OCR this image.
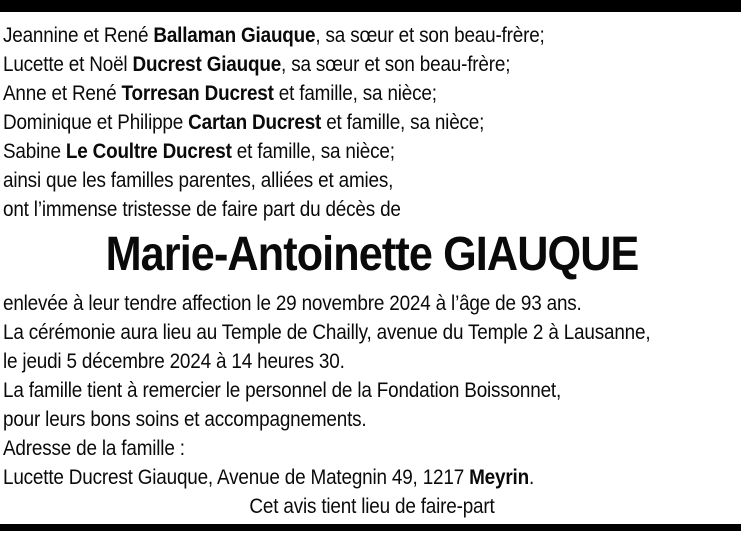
Jeannine et René Ballaman Giauque, sa sœur et son beau-frère;

Lucette et Noël Ducrest Giauque, sa sœur et son beau-frère;

Anne et René Torresan Ducrest et famille, sa nièce;

Dominique et Philippe Cartan Ducrest et famille, sa nièce;

Sabine Le Coultre Ducrest et famille, sa nièce;

ainsi que les familles parentes, alliées et amies,

ont l’immense tristesse de faire part du décès de

Marie-Antoinette GIAUQUE

enlevée à leur tendre affection le 29 novembre 2024 à l’âge de 93 ans.

La cérémonie aura lieu au Temple de Chailly, avenue du Temple 2 à Lausanne,

le jeudi 5 décembre 2024 à 14 heures 30.

La famille tient à remercier le personnel de la Fondation Boissonnet,

pour leurs bons soins et accompagnements.

Adresse de la famille :

Lucette Ducrest Giauque, Avenue de Mategnin 49, 1217 Meyrin.

Cet avis tient lieu de faire-part
